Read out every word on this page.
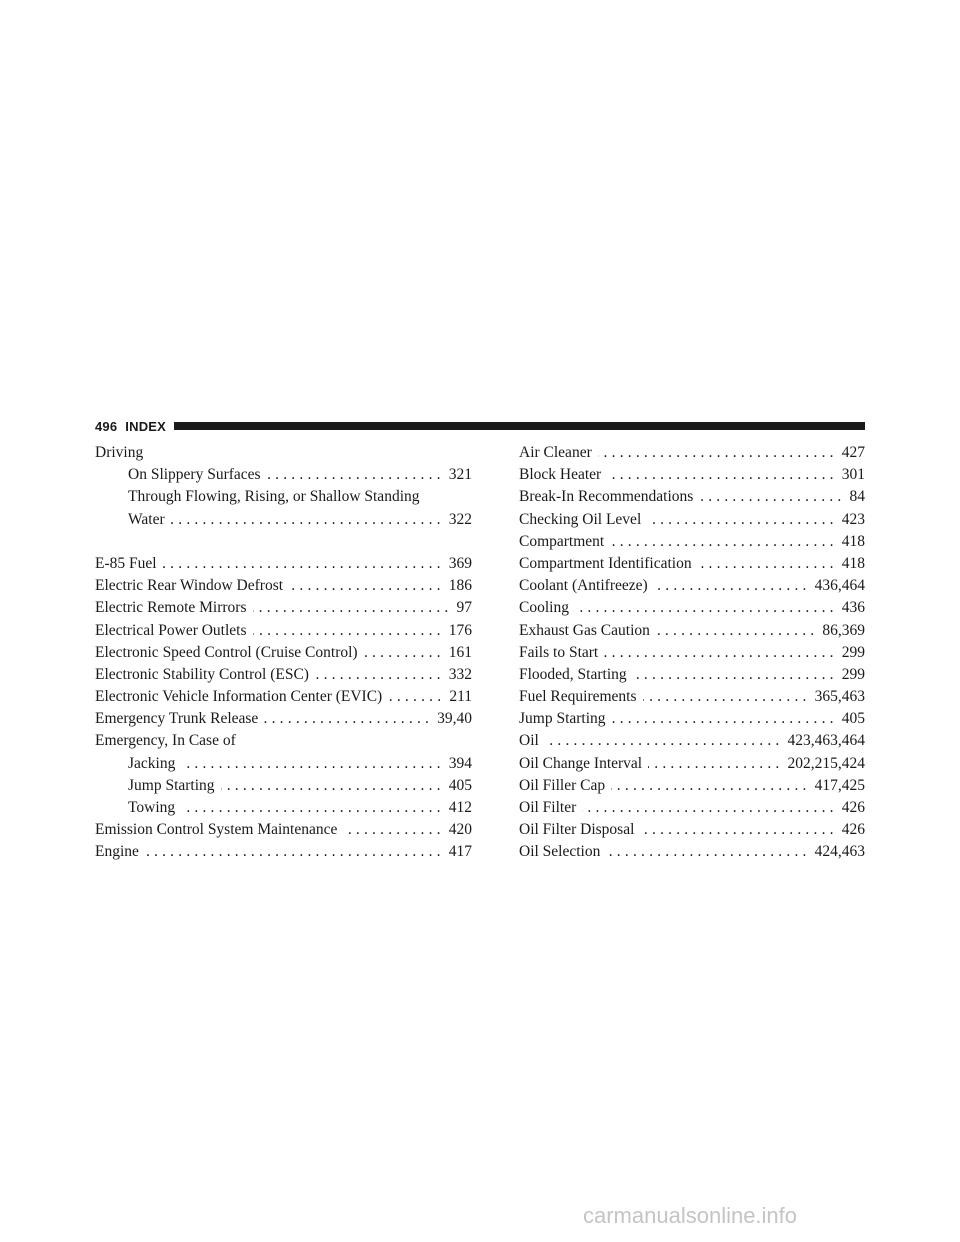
496 INDEX
Driving
On Slippery Surfaces .....	321
Through Flowing, Rising, or Shallow Standing
Water .....	322
E-85 Fuel .....	369
Electric Rear Window Defrost .....	186
Electric Remote Mirrors .....	97
Electrical Power Outlets .....	176
Electronic Speed Control (Cruise Control) .....	161
Electronic Stability Control (ESC) .....	332
Electronic Vehicle Information Center (EVIC) .....	211
Emergency Trunk Release .....	39,40
Emergency, In Case of
Jacking .....	394
Jump Starting .....	405
Towing .....	412
Emission Control System Maintenance .....	420
Engine .....	417
Air Cleaner .....	427
Block Heater .....	301
Break-In Recommendations .....	84
Checking Oil Level .....	423
Compartment .....	418
Compartment Identification .....	418
Coolant (Antifreeze) .....	436,464
Cooling .....	436
Exhaust Gas Caution .....	86,369
Fails to Start .....	299
Flooded, Starting .....	299
Fuel Requirements .....	365,463
Jump Starting .....	405
Oil .....	423,463,464
Oil Change Interval .....	202,215,424
Oil Filler Cap .....	417,425
Oil Filter .....	426
Oil Filter Disposal .....	426
Oil Selection .....	424,463
carmanualsonline.info
